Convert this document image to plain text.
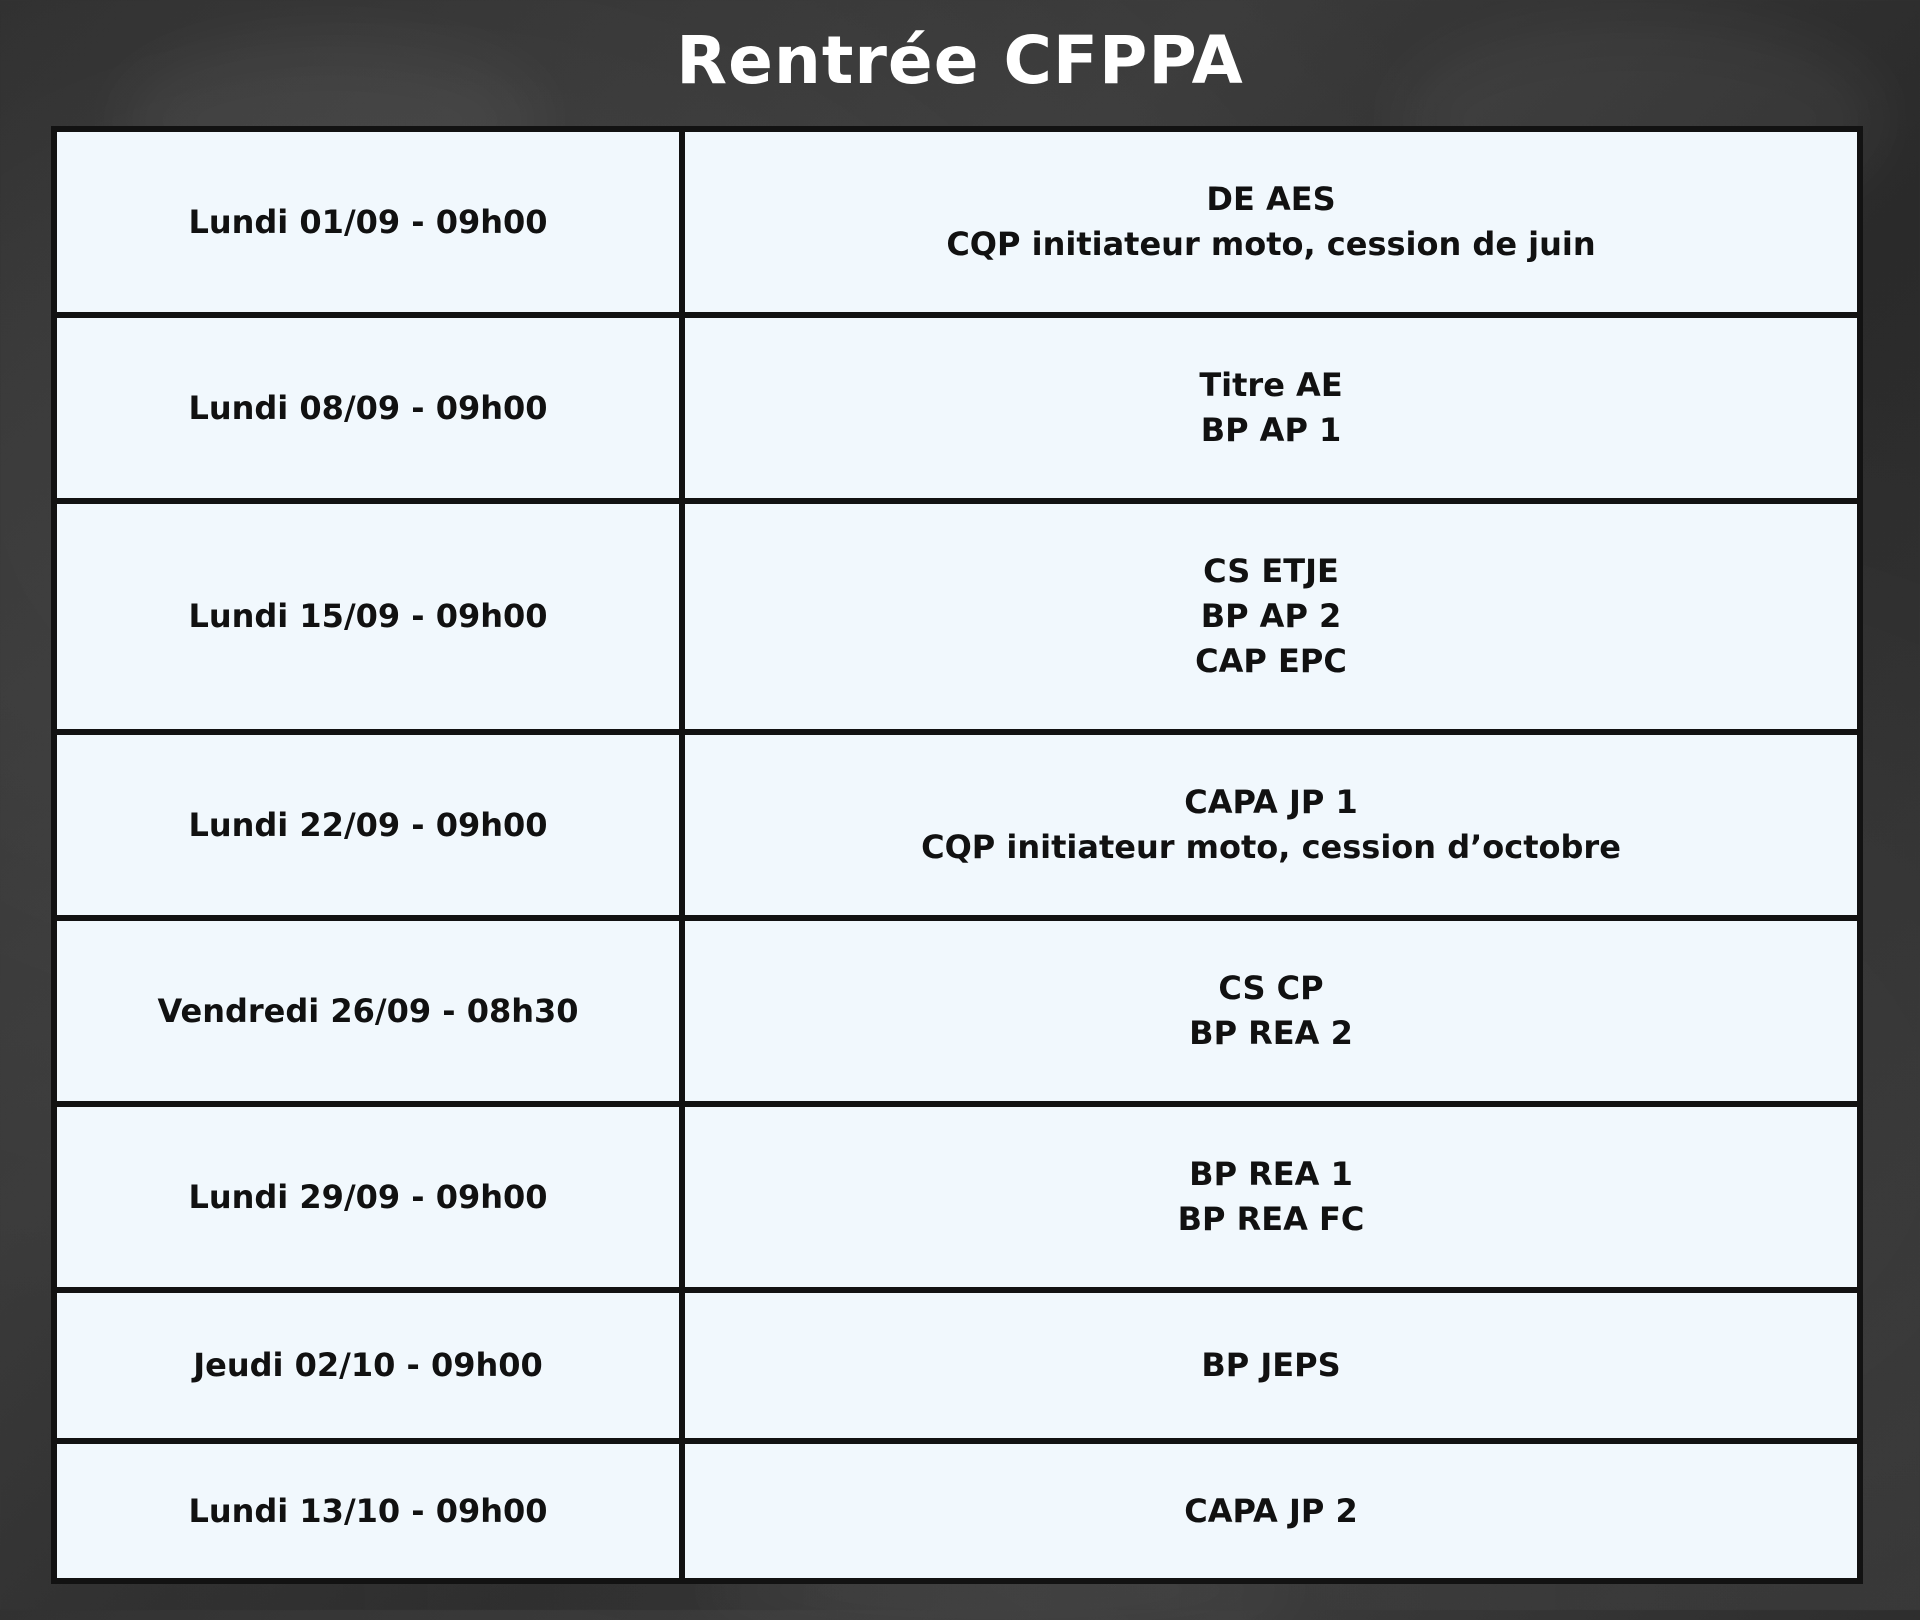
Rentrée CFPPA
Lundi 01/09 - 09h00	DE AES
CQP initiateur moto, cession de juin

Lundi 08/09 - 09h00	Titre AE
BP AP 1

Lundi 15/09 - 09h00	CS ETJE
BP AP 2
CAP EPC

Lundi 22/09 - 09h00	CAPA JP 1
CQP initiateur moto, cession d’octobre

Vendredi 26/09 - 08h30	CS CP
BP REA 2

Lundi 29/09 - 09h00	BP REA 1
BP REA FC

Jeudi 02/10 - 09h00	BP JEPS

Lundi 13/10 - 09h00	CAPA JP 2
